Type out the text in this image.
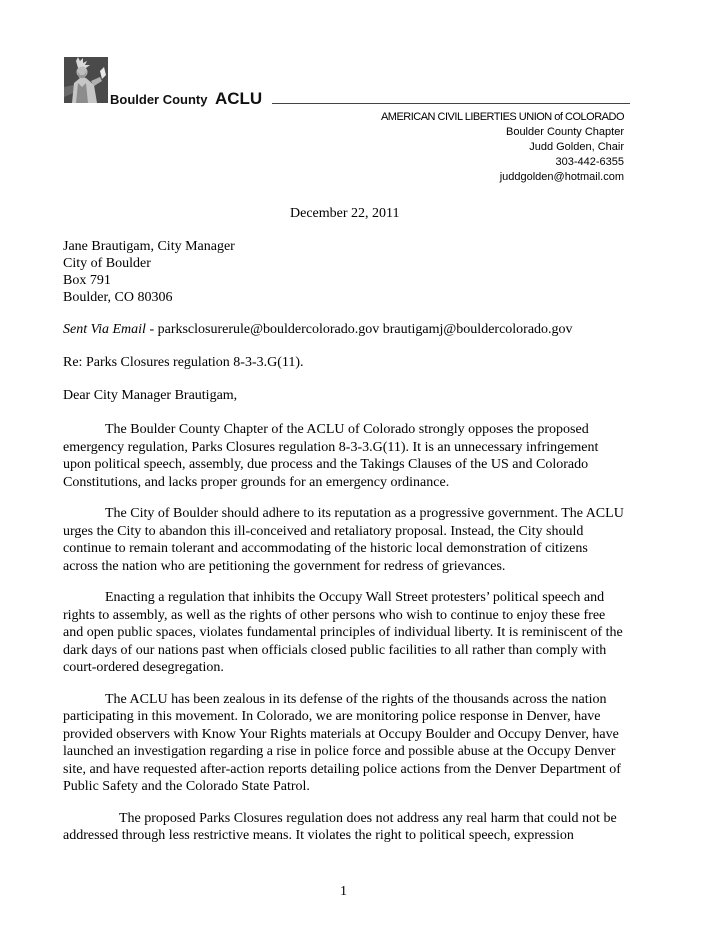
Boulder County ACLU
AMERICAN CIVIL LIBERTIES UNION of COLORADO
Boulder County Chapter
Judd Golden, Chair
303-442-6355
juddgolden@hotmail.com
December 22, 2011
Jane Brautigam, City Manager
City of Boulder
Box 791
Boulder, CO 80306
Sent Via Email - parksclosurerule@bouldercolorado.gov brautigamj@bouldercolorado.gov
Re: Parks Closures regulation 8-3-3.G(11).
Dear City Manager Brautigam,

The Boulder County Chapter of the ACLU of Colorado strongly opposes the proposed emergency regulation, Parks Closures regulation 8-3-3.G(11). It is an unnecessary infringement upon political speech, assembly, due process and the Takings Clauses of the US and Colorado Constitutions, and lacks proper grounds for an emergency ordinance.

The City of Boulder should adhere to its reputation as a progressive government. The ACLU urges the City to abandon this ill-conceived and retaliatory proposal. Instead, the City should continue to remain tolerant and accommodating of the historic local demonstration of citizens across the nation who are petitioning the government for redress of grievances.

Enacting a regulation that inhibits the Occupy Wall Street protesters’ political speech and rights to assembly, as well as the rights of other persons who wish to continue to enjoy these free and open public spaces, violates fundamental principles of individual liberty. It is reminiscent of the dark days of our nations past when officials closed public facilities to all rather than comply with court-ordered desegregation.

The ACLU has been zealous in its defense of the rights of the thousands across the nation participating in this movement. In Colorado, we are monitoring police response in Denver, have provided observers with Know Your Rights materials at Occupy Boulder and Occupy Denver, have launched an investigation regarding a rise in police force and possible abuse at the Occupy Denver site, and have requested after-action reports detailing police actions from the Denver Department of Public Safety and the Colorado State Patrol.

The proposed Parks Closures regulation does not address any real harm that could not be addressed through less restrictive means. It violates the right to political speech, expression

1
